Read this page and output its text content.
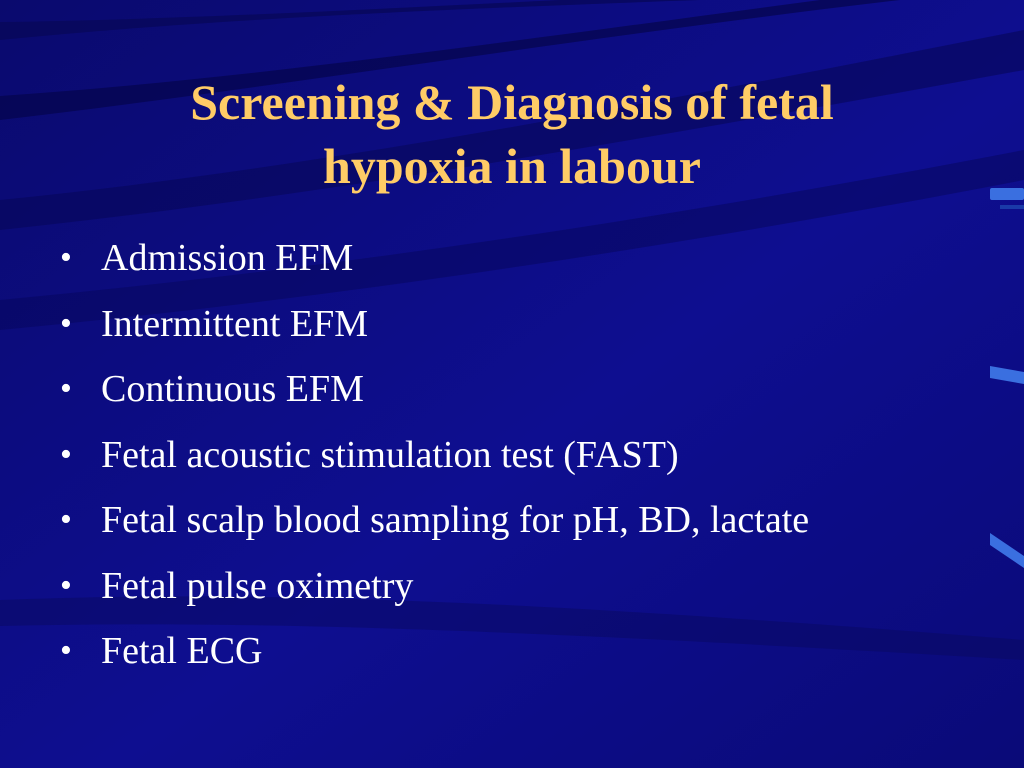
Screening & Diagnosis of fetal
hypoxia in labour
• Admission EFM
• Intermittent EFM
• Continuous EFM
• Fetal acoustic stimulation test (FAST)
• Fetal scalp blood sampling for pH, BD, lactate
• Fetal pulse oximetry
• Fetal ECG
